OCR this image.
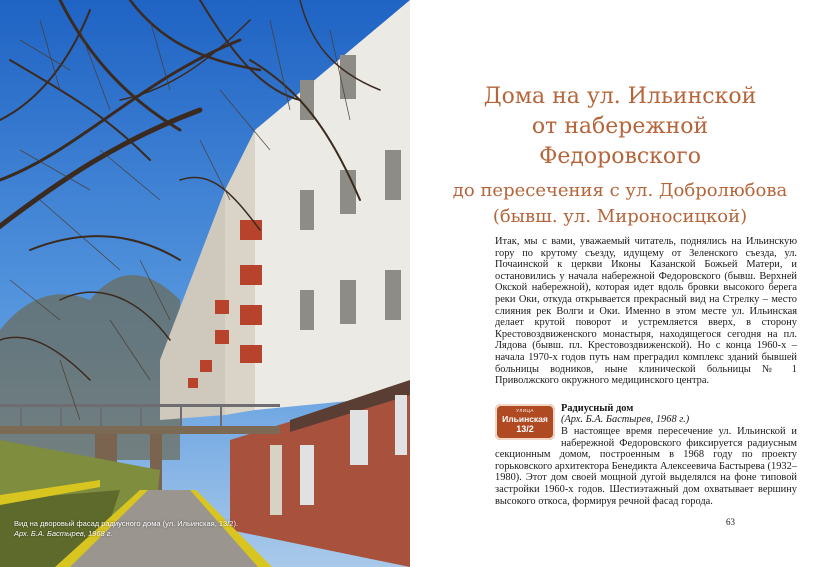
Вид на дворовый фасад радиусного дома (ул. Ильинская, 13/2).
Арх. Б.А. Бастырев, 1968 г.
Дома на ул. Ильинской
от набережной Федоровского
до пересечения с ул. Добролюбова
(бывш. ул. Мироносицкой)
Итак, мы с вами, уважаемый читатель, поднялись на Ильинскую гору по крутому съезду, идущему от Зеленского съезда, ул. Почаинской к церкви Иконы Казанской Божьей Матери, и остановились у начала набережной Федоровского (бывш. Верхней Окской набережной), которая идет вдоль бровки высокого берега реки Оки, откуда открывается прекрасный вид на Стрелку – место слияния рек Волги и Оки. Именно в этом месте ул. Ильинская делает крутой поворот и устремляется вверх, в сторону Крестовоздвиженского монастыря, находящегося сегодня на пл. Лядова (бывш. пл. Крестовоздвиженской). Но с конца 1960-х – начала 1970-х годов путь нам преградил комплекс зданий бывшей больницы водников, ныне клинической больницы № 1 Приволжского окружного медицинского центра.
УЛИЦА
Ильинская
13/2
Радиусный дом
(Арх. Б.А. Бастырев, 1968 г.)
В настоящее время пересечение ул. Ильинской и набережной Федоровского фиксируется радиусным секционным домом, построенным в 1968 году по проекту горьковского архитектора Бенедикта Алексеевича Бастырева (1932–1980). Этот дом своей мощной дугой выделялся на фоне типовой застройки 1960-х годов. Шестиэтажный дом охватывает вершину высокого откоса, формируя речной фасад города.
63
